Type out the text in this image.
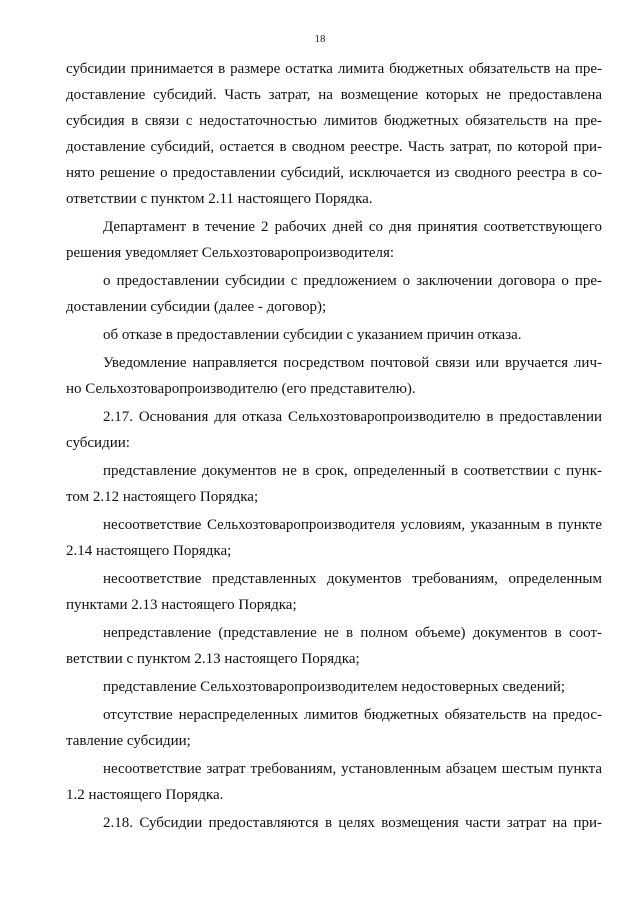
18
субсидии принимается в размере остатка лимита бюджетных обязательств на пре-
доставление субсидий. Часть затрат, на возмещение которых не предоставлена
субсидия в связи с недостаточностью лимитов бюджетных обязательств на пре-
доставление субсидий, остается в сводном реестре. Часть затрат, по которой при-
нято решение о предоставлении субсидий, исключается из сводного реестра в со-
ответствии с пунктом 2.11 настоящего Порядка.
Департамент в течение 2 рабочих дней со дня принятия соответствующего
решения уведомляет Сельхозтоваропроизводителя:
о предоставлении субсидии с предложением о заключении договора о пре-
доставлении субсидии (далее - договор);
об отказе в предоставлении субсидии с указанием причин отказа.
Уведомление направляется посредством почтовой связи или вручается лич-
но Сельхозтоваропроизводителю (его представителю).
2.17. Основания для отказа Сельхозтоваропроизводителю в предоставлении
субсидии:
представление документов не в срок, определенный в соответствии с пунк-
том 2.12 настоящего Порядка;
несоответствие Сельхозтоваропроизводителя условиям, указанным в пункте
2.14 настоящего Порядка;
несоответствие представленных документов требованиям, определенным
пунктами 2.13 настоящего Порядка;
непредставление (представление не в полном объеме) документов в соот-
ветствии с пунктом 2.13 настоящего Порядка;
представление Сельхозтоваропроизводителем недостоверных сведений;
отсутствие нераспределенных лимитов бюджетных обязательств на предос-
тавление субсидии;
несоответствие затрат требованиям, установленным абзацем шестым пункта
1.2 настоящего Порядка.
2.18. Субсидии предоставляются в целях возмещения части затрат на при-
